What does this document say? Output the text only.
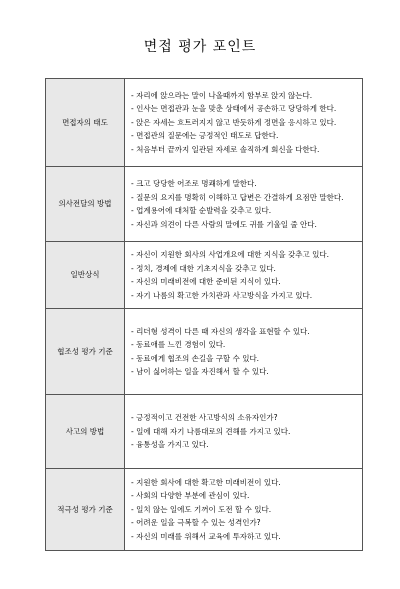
면접 평가 포인트
면접자의 태도	- 자리에 앉으라는 말이 나올때까지 함부로 앉지 않는다.
- 인사는 면접관과 눈을 맞춘 상태에서 공손하고 당당하게 한다.
- 앉은 자세는 흐트러지지 않고 반듯하게 정면을 응시하고 있다.
- 면접관의 질문에는 긍정적인 태도로 답한다.
- 처음부터 끝까지 일관된 자세로 솔직하게 회신을 다한다.

의사전달의 방법	- 크고 당당한 어조로 명쾌하게 말한다.
- 질문의 요지를 명확히 이해하고 답변은 간결하게 요점만 말한다.
- 업계용어에 대처할 순발력을 갖추고 있다.
- 자신과 의견이 다른 사람의 말에도 귀를 기울일 줄 안다.

일반상식	- 자신이 지원한 회사의 사업개요에 대한 지식을 갖추고 있다.
- 정치, 경제에 대한 기초지식을 갖추고 있다.
- 자신의 미래비전에 대한 준비된 지식이 있다.
- 자기 나름의 확고한 가치관과 사고방식을 가지고 있다.

협조성 평가 기준	- 리더형 성격이 다른 때 자신의 생각을 표현할 수 있다.
- 동료애를 느낀 경험이 있다.
- 동료에게 협조의 손길을 구할 수 있다.
- 남이 싫어하는 일을 자진해서 할 수 있다.

사고의 방법	- 긍정적이고 건전한 사고방식의 소유자인가?
- 일에 대해 자기 나름대로의 견해를 가지고 있다.
- 융통성을 가지고 있다.

적극성 평가 기준	- 지원한 회사에 대한 확고한 미래비전이 있다.
- 사회의 다양한 부분에 관심이 있다.
- 일치 않는 일에도 기꺼이 도전 할 수 있다.
- 어려운 일을 극복할 수 있는 성격인가?
- 자신의 미래를 위해서 교육에 투자하고 있다.
